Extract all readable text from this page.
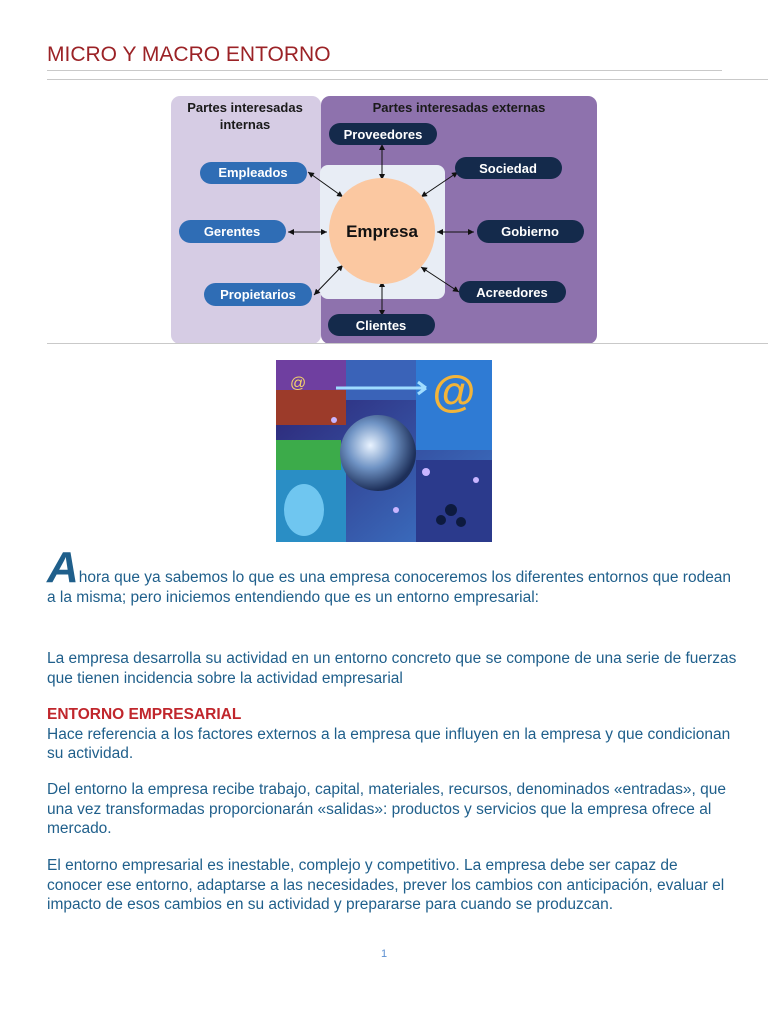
MICRO Y MACRO ENTORNO
Partes interesadas
internas
Partes interesadas externas
Empresa
Empleados
Gerentes
Propietarios
Proveedores
Sociedad
Gobierno
Acreedores
Clientes
@
@

Ahora que ya sabemos lo que es una empresa conoceremos los diferentes entornos que rodean a la misma; pero iniciemos entendiendo que es un entorno empresarial:

La empresa desarrolla su actividad en un entorno concreto que se compone de una serie de fuerzas que tienen incidencia sobre la actividad empresarial

ENTORNO EMPRESARIAL

Hace referencia a los factores externos a la empresa que influyen en la empresa y que condicionan su actividad.

Del entorno la empresa recibe trabajo, capital, materiales, recursos, denominados «entradas», que una vez transformadas proporcionarán «salidas»: productos y servicios que la empresa ofrece al mercado.

El entorno empresarial es inestable, complejo y competitivo. La empresa debe ser capaz de conocer ese entorno, adaptarse a las necesidades, prever los cambios con anticipación, evaluar el impacto de esos cambios en su actividad y prepararse para cuando se produzcan.

1
